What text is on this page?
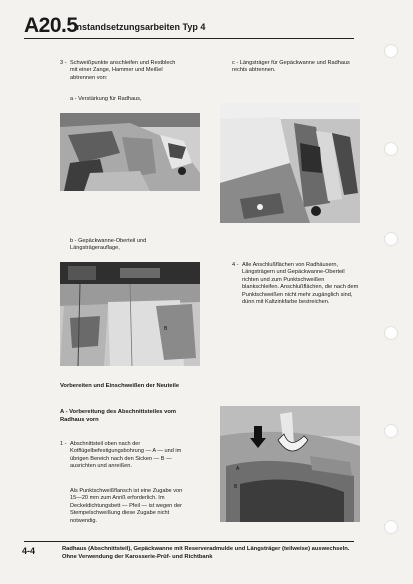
A20.5
Instandsetzungsarbeiten Typ 4
3 - Schweißpunkte anschleifen und Restblech mit einer Zange, Hammer und Meißel abtrennen von:
a - Verstärkung für Radhaus,
c - Längsträger für Gepäckwanne und Radhaus rechts abtrennen.
b - Gepäckwanne-Oberteil und Längsträgerauflage,
B
4 - Alle Anschlußflächen von Radhäusern, Längsträgern und Gepäckwanne-Oberteil richten und zum Punktschweißen blankschleifen. Anschlußflächen, die nach dem Punktschweißen nicht mehr zugänglich sind, dünn mit Kaltzinkfarbe bestreichen.
Vorbereiten und Einschweißen der Neuteile
A - Vorbereitung des Abschnittsteiles vom Radhaus vorn
1 - Abschnittsteil oben nach der Kotflügelbefestigungsbohrung — A — und im übrigen Bereich nach den Sicken — B — ausrichten und anreißen.
Als Punktschweißflansch ist eine Zugabe von 15—20 mm zum Anriß erforderlich. Im Deckeldichtungsbett — Pfeil — ist wegen der Stempelschweißung diese Zugabe nicht notwendig.
A
B
4-4	Radhaus (Abschnittsteil), Gepäckwanne mit Reserveradmulde und Längsträger (teilweise) auswechseln. Ohne Verwendung der Karosserie-Prüf- und Richtbank
